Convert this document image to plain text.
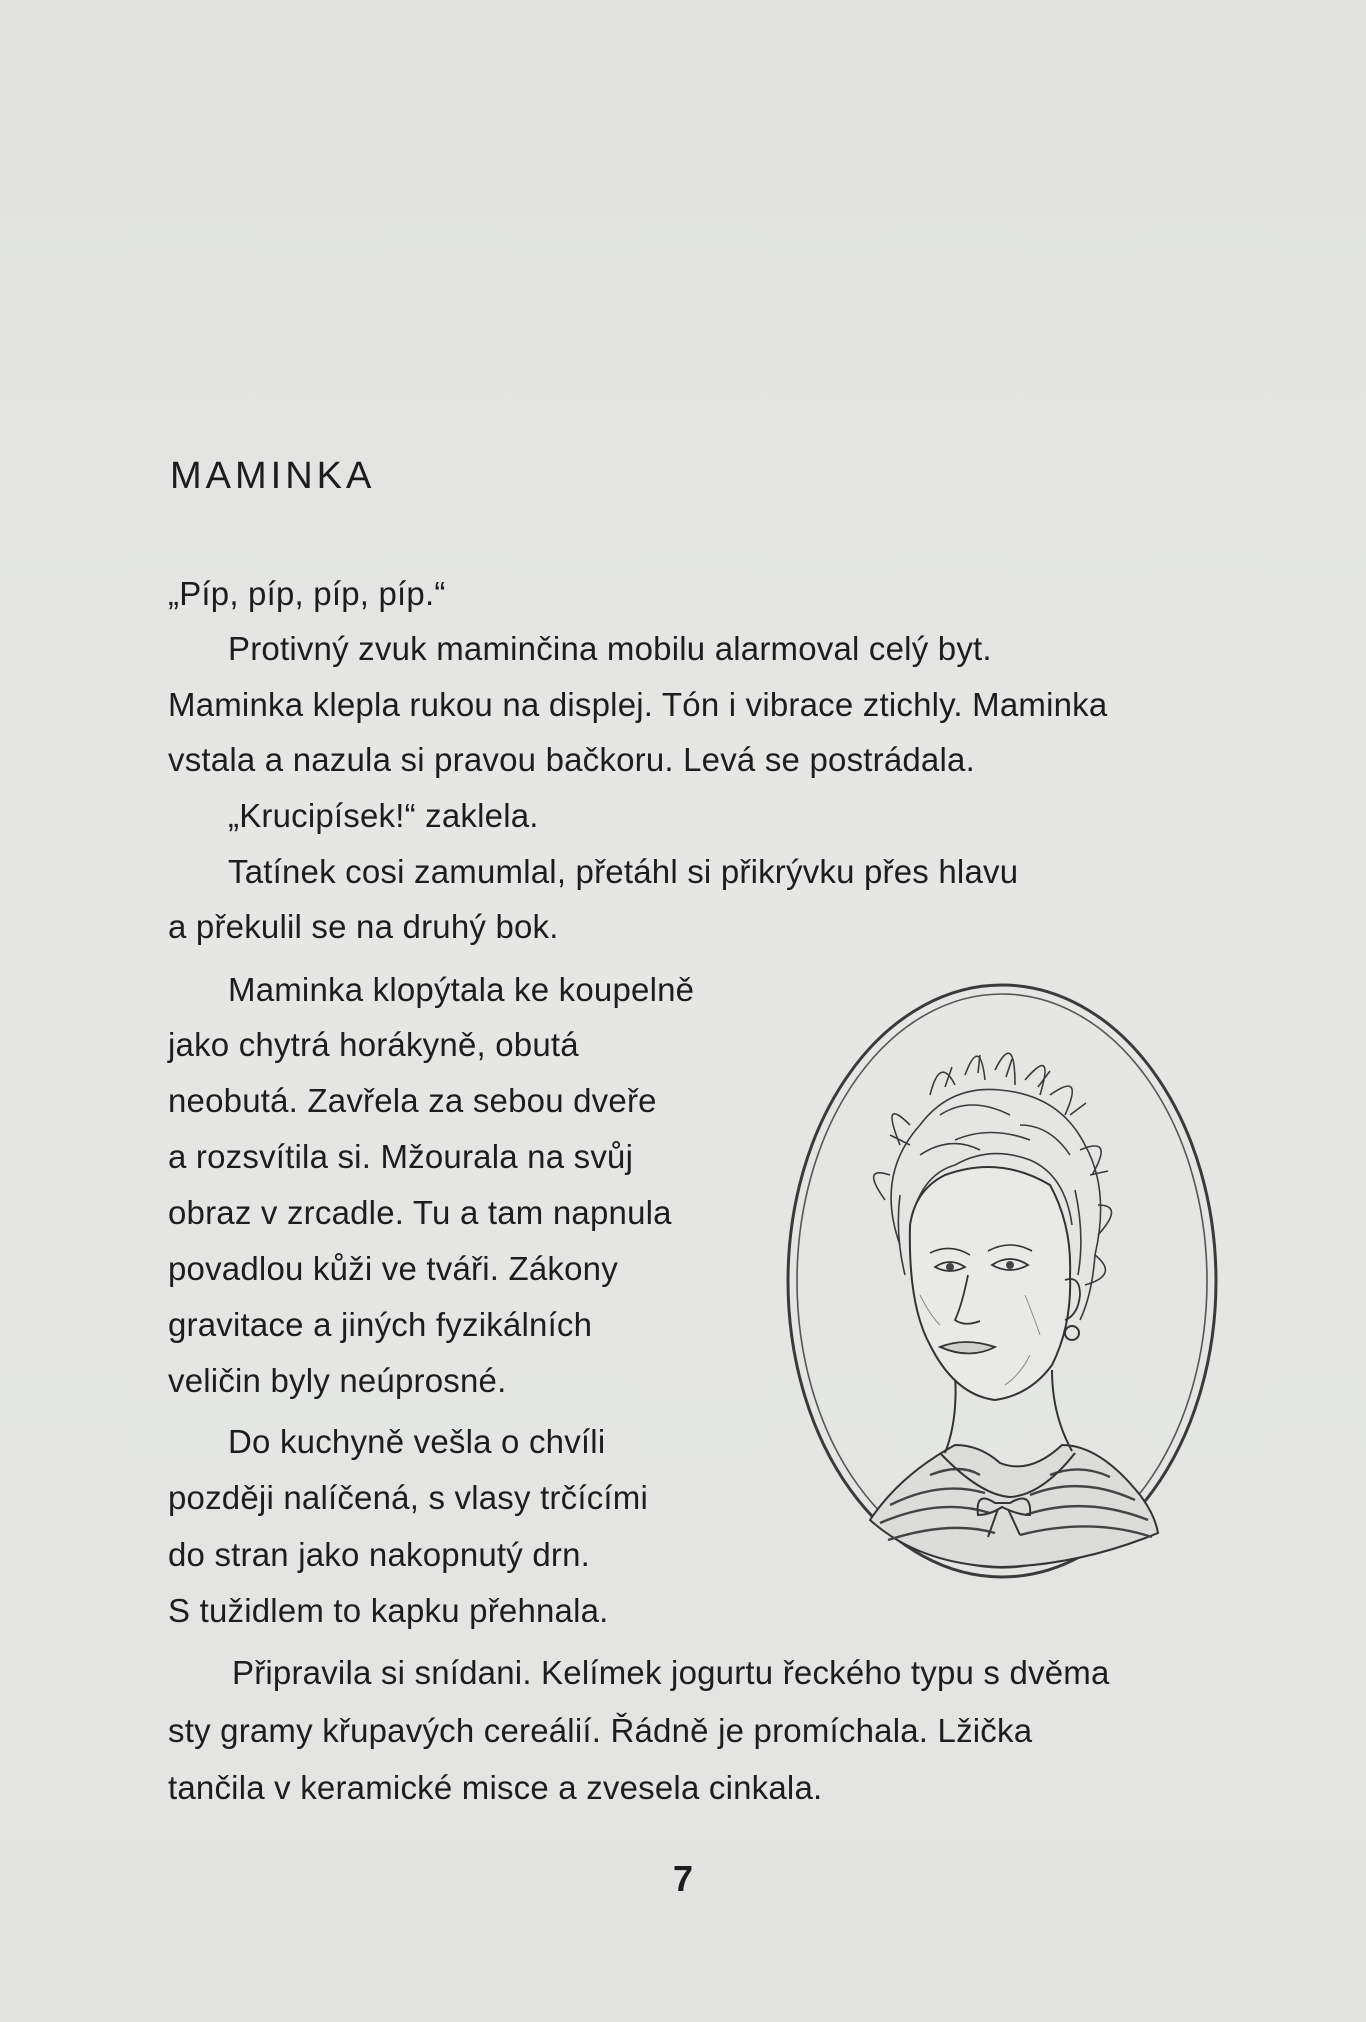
MAMINKA
„Píp, píp, píp, píp.“
Protivný zvuk maminčina mobilu alarmoval celý byt.
Maminka klepla rukou na displej. Tón i vibrace ztichly. Maminka
vstala a nazula si pravou bačkoru. Levá se postrádala.
„Krucipísek!“ zaklela.
Tatínek cosi zamumlal, přetáhl si přikrývku přes hlavu
a překulil se na druhý bok.
Maminka klopýtala ke koupelně
jako chytrá horákyně, obutá
neobutá. Zavřela za sebou dveře
a rozsvítila si. Mžourala na svůj
obraz v zrcadle. Tu a tam napnula
povadlou kůži ve tváři. Zákony
gravitace a jiných fyzikálních
veličin byly neúprosné.
Do kuchyně vešla o chvíli
později nalíčená, s vlasy trčícími
do stran jako nakopnutý drn.
S tužidlem to kapku přehnala.
Připravila si snídani. Kelímek jogurtu řeckého typu s dvěma
sty gramy křupavých cereálií. Řádně je promíchala. Lžička
tančila v keramické misce a zvesela cinkala.
7
